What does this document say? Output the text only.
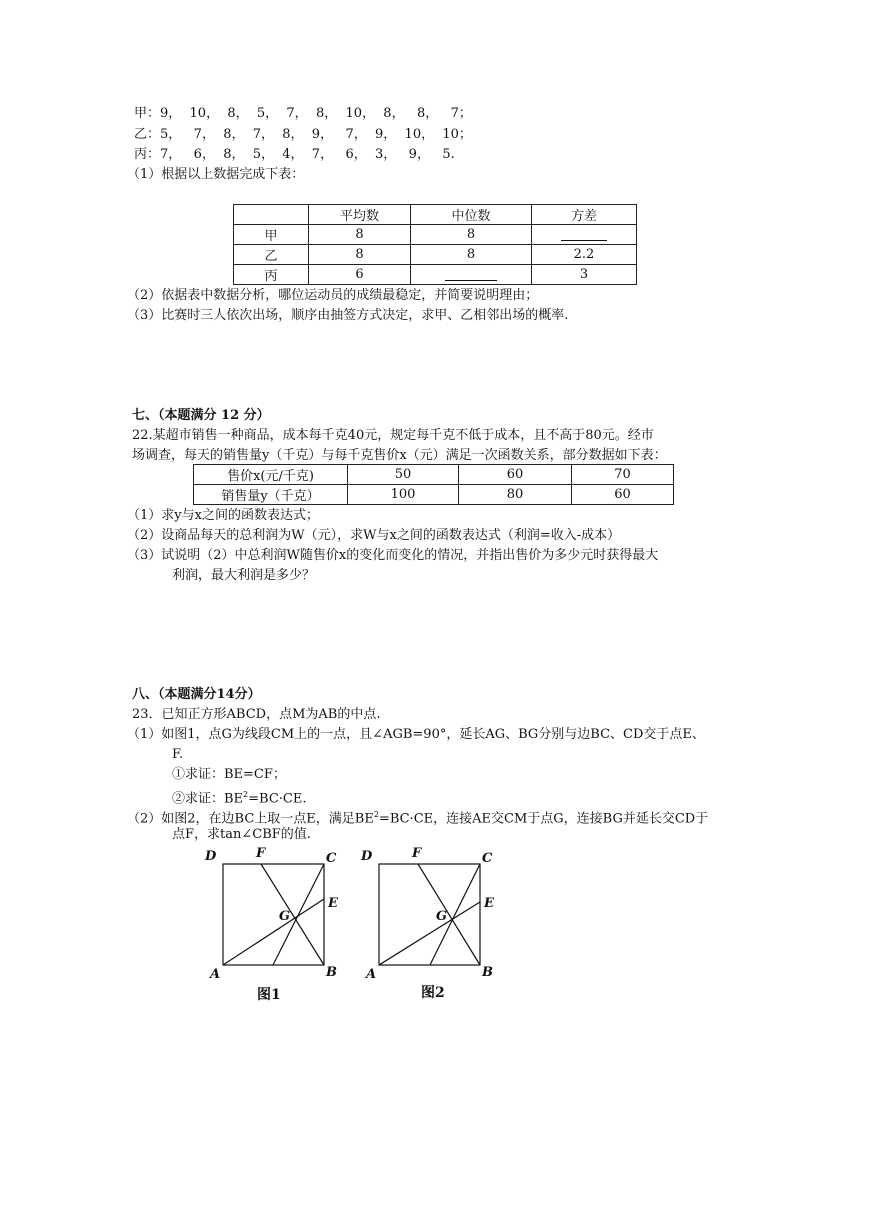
甲：9，  10，  8，  5，  7，  8，  10，  8，   8，   7；
乙：5，   7，  8，  7，  8，  9，   7，  9，  10，  10；
丙：7，   6，  8，  5，  4，  7，   6，  3，   9，   5.
（1）根据以上数据完成下表：
	平均数	中位数	方差
甲	8	8	
乙	8	8	2.2
丙	6		3
（2）依据表中数据分析，哪位运动员的成绩最稳定，并简要说明理由；
（3）比赛时三人依次出场，顺序由抽签方式决定，求甲、乙相邻出场的概率.
七、（本题满分 12 分）
22.某超市销售一种商品，成本每千克40元，规定每千克不低于成本，且不高于80元。经市
场调查，每天的销售量y（千克）与每千克售价x（元）满足一次函数关系，部分数据如下表：
售价x(元/千克)	50	60	70
销售量y（千克）	100	80	60
（1）求y与x之间的函数表达式；
（2）设商品每天的总利润为W（元），求W与x之间的函数表达式（利润=收入-成本）
（3）试说明（2）中总利润W随售价x的变化而变化的情况，并指出售价为多少元时获得最大
利润，最大利润是多少？
八、（本题满分14分）
23．已知正方形ABCD，点M为AB的中点.
（1）如图1，点G为线段CM上的一点，且∠AGB=90°，延长AG、BG分别与边BC、CD交于点E、
F.
①求证：BE=CF；
②求证：$BE^2=BC\cdot CE$.
（2）如图2，在边BC上取一点E，满足$BE^2=BC\cdot CE$，连接AE交CM于点G，连接BG并延长交CD于
点F，求tan∠CBF的值.
D	F	C
E
G
A	B
图1
D	F	C
E
G
A	B
图2
